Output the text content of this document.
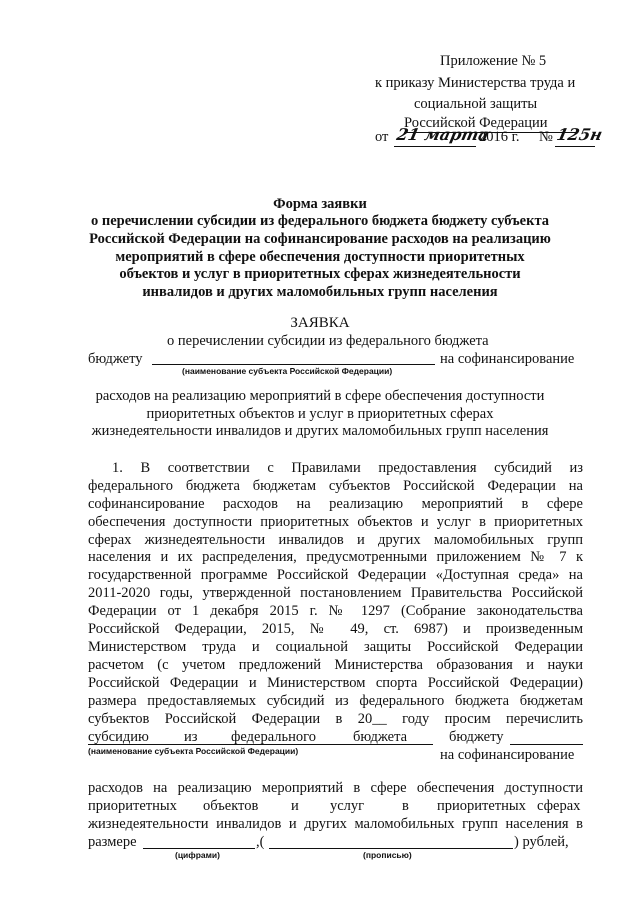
Приложение № 5
к приказу Министерства труда и
социальной защиты
Российской Федерации
от 21 марта
2016 г. № 125н
Форма заявки
о перечислении субсидии из федерального бюджета бюджету субъекта
Российской Федерации на софинансирование расходов на реализацию
мероприятий в сфере обеспечения доступности приоритетных
объектов и услуг в приоритетных сферах жизнедеятельности
инвалидов и других маломобильных групп населения
ЗАЯВКА
о перечислении субсидии из федерального бюджета
бюджету
(наименование субъекта Российской Федерации)
на софинансирование
расходов на реализацию мероприятий в сфере обеспечения доступности
приоритетных объектов и услуг в приоритетных сферах
жизнедеятельности инвалидов и других маломобильных групп населения
1. В соответствии с Правилами предоставления субсидий из
федерального бюджета бюджетам субъектов Российской Федерации на
софинансирование расходов на реализацию мероприятий в сфере
обеспечения доступности приоритетных объектов и услуг в приоритетных
сферах жизнедеятельности инвалидов и других маломобильных групп
населения и их распределения, предусмотренными приложением № 7 к
государственной программе Российской Федерации «Доступная среда» на
2011-2020 годы, утвержденной постановлением Правительства Российской
Федерации от 1 декабря 2015 г. № 1297 (Собрание законодательства
Российской Федерации, 2015, № 49, ст. 6987) и произведенным
Министерством труда и социальной защиты Российской Федерации
расчетом (с учетом предложений Министерства образования и науки
Российской Федерации и Министерством спорта Российской Федерации)
размера предоставляемых субсидий из федерального бюджета бюджетам
субъектов Российской Федерации в 20__ году просим перечислить
субсидию из федерального	бюджета	бюджету
(наименование субъекта Российской Федерации)	на софинансирование
расходов на реализацию мероприятий в сфере обеспечения доступности
приоритетных объектов и услуг	в приоритетных сферах
жизнедеятельности инвалидов и других маломобильных групп населения в
размере	,(	) рублей,
(цифрами)	(прописью)
